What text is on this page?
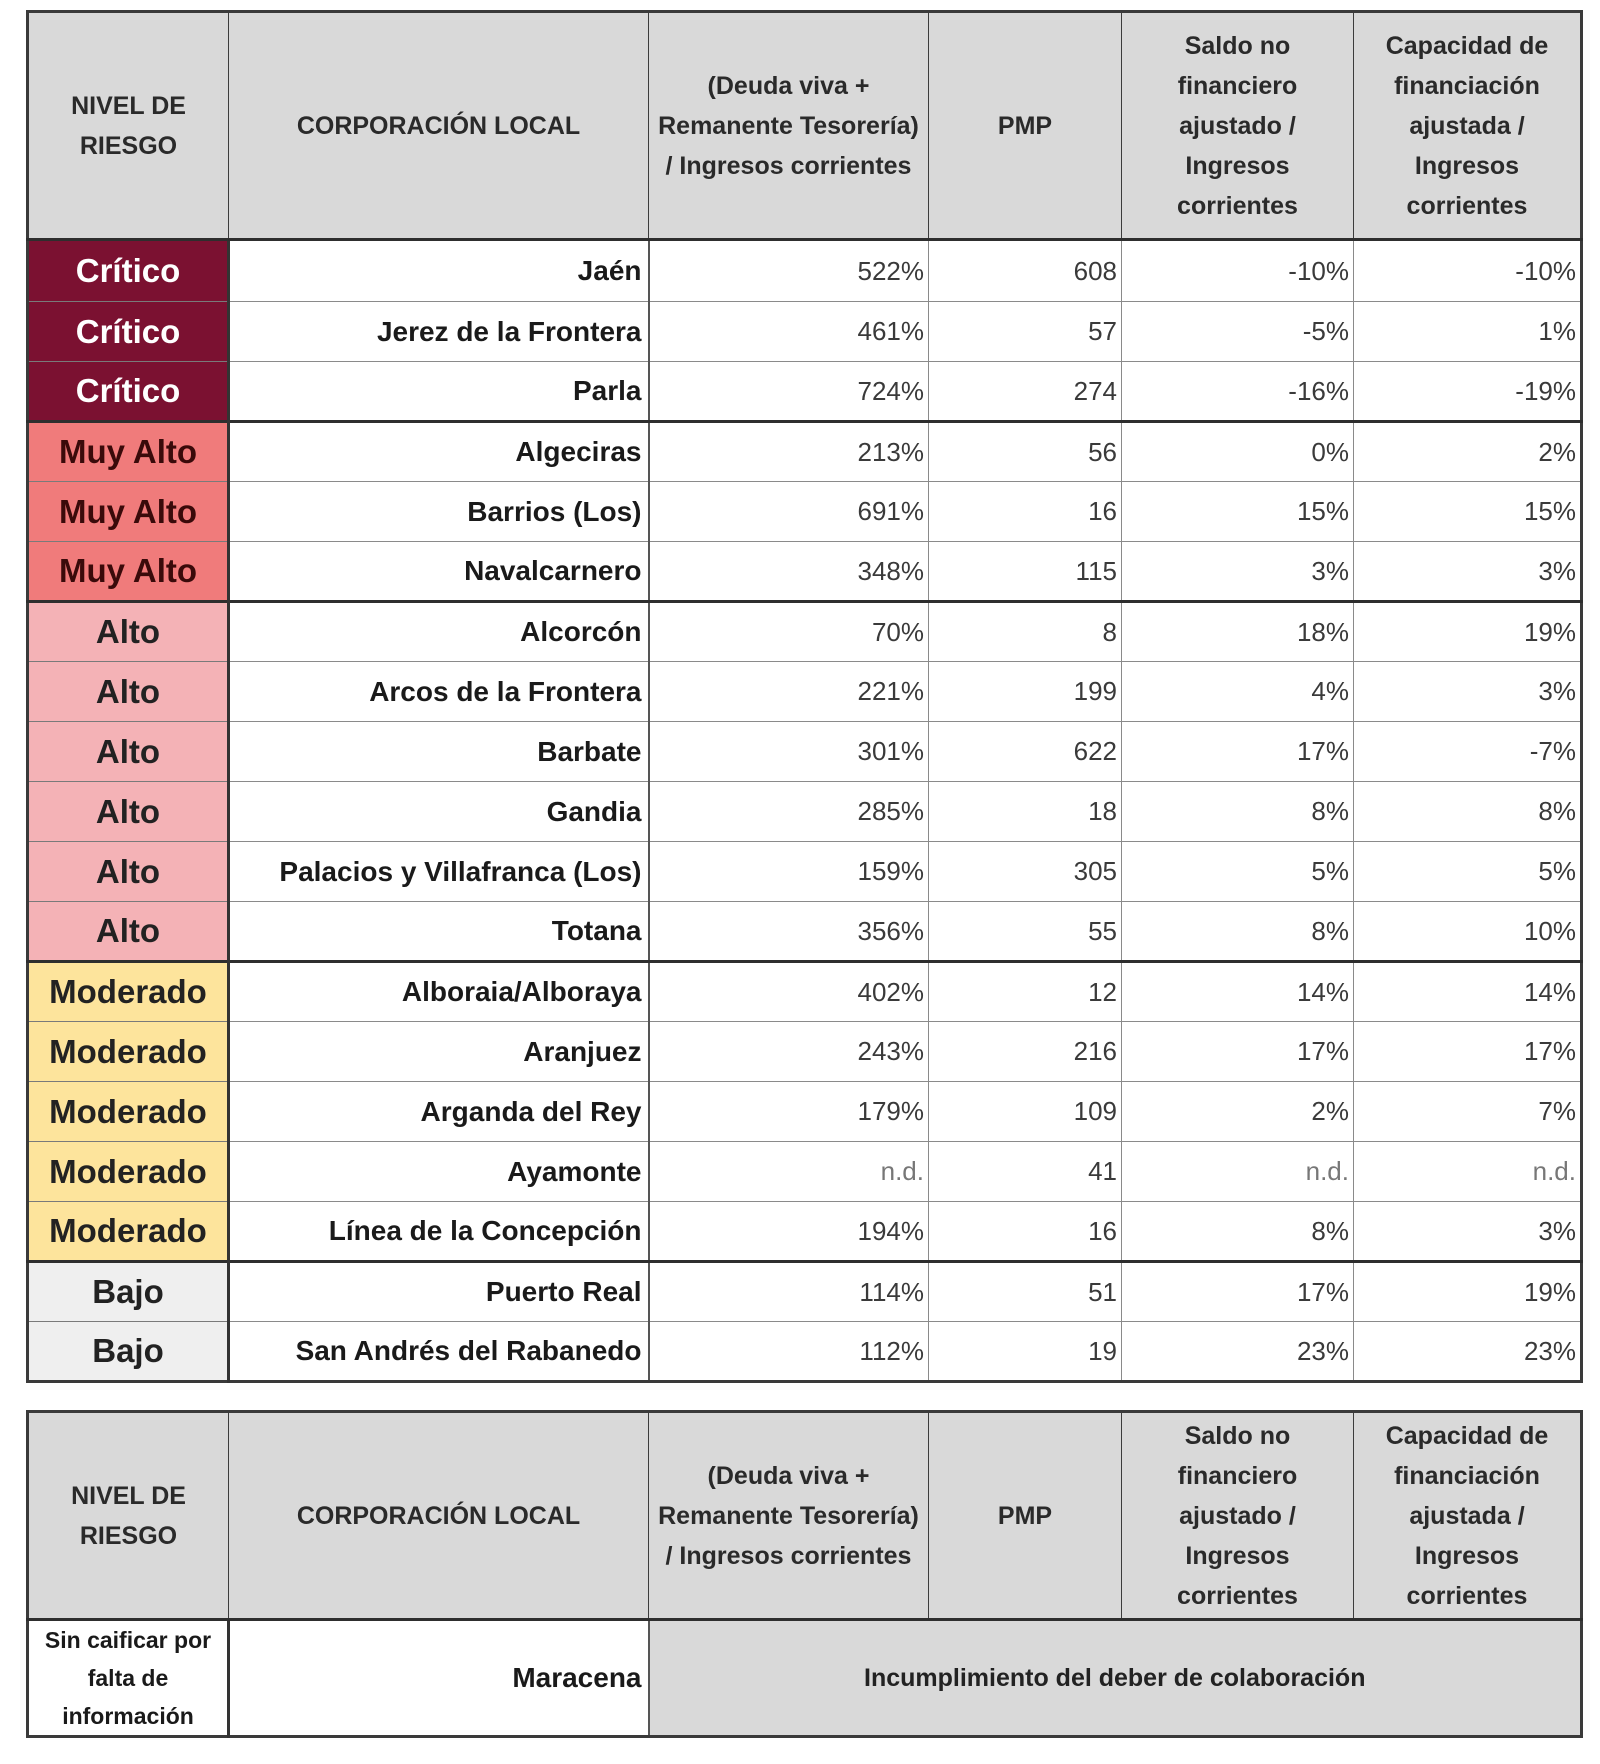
NIVEL DE RIESGO	CORPORACIÓN LOCAL	(Deuda viva + Remanente Tesorería) / Ingresos corrientes	PMP	Saldo no financiero ajustado / Ingresos corrientes	Capacidad de financiación ajustada / Ingresos corrientes
Crítico	Jaén	522%	608	-10%	-10%
Crítico	Jerez de la Frontera	461%	57	-5%	1%
Crítico	Parla	724%	274	-16%	-19%
Muy Alto	Algeciras	213%	56	0%	2%
Muy Alto	Barrios (Los)	691%	16	15%	15%
Muy Alto	Navalcarnero	348%	115	3%	3%
Alto	Alcorcón	70%	8	18%	19%
Alto	Arcos de la Frontera	221%	199	4%	3%
Alto	Barbate	301%	622	17%	-7%
Alto	Gandia	285%	18	8%	8%
Alto	Palacios y Villafranca (Los)	159%	305	5%	5%
Alto	Totana	356%	55	8%	10%
Moderado	Alboraia/Alboraya	402%	12	14%	14%
Moderado	Aranjuez	243%	216	17%	17%
Moderado	Arganda del Rey	179%	109	2%	7%
Moderado	Ayamonte	n.d.	41	n.d.	n.d.
Moderado	Línea de la Concepción	194%	16	8%	3%
Bajo	Puerto Real	114%	51	17%	19%
Bajo	San Andrés del Rabanedo	112%	19	23%	23%
NIVEL DE RIESGO	CORPORACIÓN LOCAL	(Deuda viva + Remanente Tesorería) / Ingresos corrientes	PMP	Saldo no financiero ajustado / Ingresos corrientes	Capacidad de financiación ajustada / Ingresos corrientes
Sin caificar por falta de información	Maracena	Incumplimiento del deber de colaboración			
